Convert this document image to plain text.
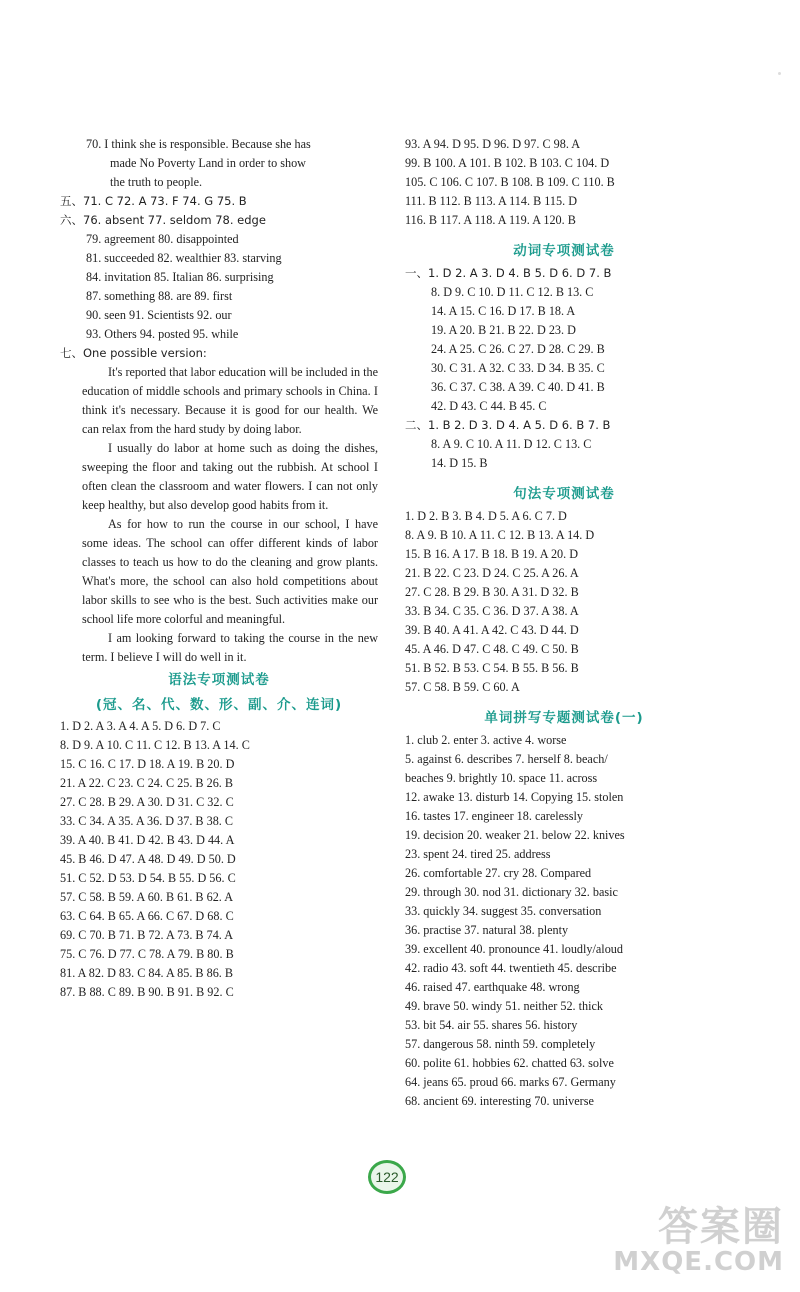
70. I think she is responsible. Because she has
made No Poverty Land in order to show
the truth to people.
五、71. C 72. A 73. F 74. G 75. B
六、76. absent 77. seldom 78. edge
79. agreement 80. disappointed
81. succeeded 82. wealthier 83. starving
84. invitation 85. Italian 86. surprising
87. something 88. are 89. first
90. seen 91. Scientists 92. our
93. Others 94. posted 95. while
七、One possible version:

It's reported that labor education will be included in the education of middle schools and primary schools in China. I think it's necessary. Because it is good for our health. We can relax from the hard study by doing labor.

I usually do labor at home such as doing the dishes, sweeping the floor and taking out the rubbish. At school I often clean the classroom and water flowers. I can not only keep healthy, but also develop good habits from it.

As for how to run the course in our school, I have some ideas. The school can offer different kinds of labor classes to teach us how to do the cleaning and grow plants. What's more, the school can also hold competitions about labor skills to see who is the best. Such activities make our school life more colorful and meaningful.

I am looking forward to taking the course in the new term. I believe I will do well in it.

语法专项测试卷
(冠、名、代、数、形、副、介、连词)
1. D 2. A 3. A 4. A 5. D 6. D 7. C
8. D 9. A 10. C 11. C 12. B 13. A 14. C
15. C 16. C 17. D 18. A 19. B 20. D
21. A 22. C 23. C 24. C 25. B 26. B
27. C 28. B 29. A 30. D 31. C 32. C
33. C 34. A 35. A 36. D 37. B 38. C
39. A 40. B 41. D 42. B 43. D 44. A
45. B 46. D 47. A 48. D 49. D 50. D
51. C 52. D 53. D 54. B 55. D 56. C
57. C 58. B 59. A 60. B 61. B 62. A
63. C 64. B 65. A 66. C 67. D 68. C
69. C 70. B 71. B 72. A 73. B 74. A
75. C 76. D 77. C 78. A 79. B 80. B
81. A 82. D 83. C 84. A 85. B 86. B
87. B 88. C 89. B 90. B 91. B 92. C
93. A 94. D 95. D 96. D 97. C 98. A
99. B 100. A 101. B 102. B 103. C 104. D
105. C 106. C 107. B 108. B 109. C 110. B
111. B 112. B 113. A 114. B 115. D
116. B 117. A 118. A 119. A 120. B
动词专项测试卷
一、1. D 2. A 3. D 4. B 5. D 6. D 7. B
8. D 9. C 10. D 11. C 12. B 13. C
14. A 15. C 16. D 17. B 18. A
19. A 20. B 21. B 22. D 23. D
24. A 25. C 26. C 27. D 28. C 29. B
30. C 31. A 32. C 33. D 34. B 35. C
36. C 37. C 38. A 39. C 40. D 41. B
42. D 43. C 44. B 45. C
二、1. B 2. D 3. D 4. A 5. D 6. B 7. B
8. A 9. C 10. A 11. D 12. C 13. C
14. D 15. B
句法专项测试卷
1. D 2. B 3. B 4. D 5. A 6. C 7. D
8. A 9. B 10. A 11. C 12. B 13. A 14. D
15. B 16. A 17. B 18. B 19. A 20. D
21. B 22. C 23. D 24. C 25. A 26. A
27. C 28. B 29. B 30. A 31. D 32. B
33. B 34. C 35. C 36. D 37. A 38. A
39. B 40. A 41. A 42. C 43. D 44. D
45. A 46. D 47. C 48. C 49. C 50. B
51. B 52. B 53. C 54. B 55. B 56. B
57. C 58. B 59. C 60. A
单词拼写专题测试卷(一)
1. club 2. enter 3. active 4. worse
5. against 6. describes 7. herself 8. beach/
beaches 9. brightly 10. space 11. across
12. awake 13. disturb 14. Copying 15. stolen
16. tastes 17. engineer 18. carelessly
19. decision 20. weaker 21. below 22. knives
23. spent 24. tired 25. address
26. comfortable 27. cry 28. Compared
29. through 30. nod 31. dictionary 32. basic
33. quickly 34. suggest 35. conversation
36. practise 37. natural 38. plenty
39. excellent 40. pronounce 41. loudly/aloud
42. radio 43. soft 44. twentieth 45. describe
46. raised 47. earthquake 48. wrong
49. brave 50. windy 51. neither 52. thick
53. bit 54. air 55. shares 56. history
57. dangerous 58. ninth 59. completely
60. polite 61. hobbies 62. chatted 63. solve
64. jeans 65. proud 66. marks 67. Germany
68. ancient 69. interesting 70. universe
122
答案圈
MXQE.COM
